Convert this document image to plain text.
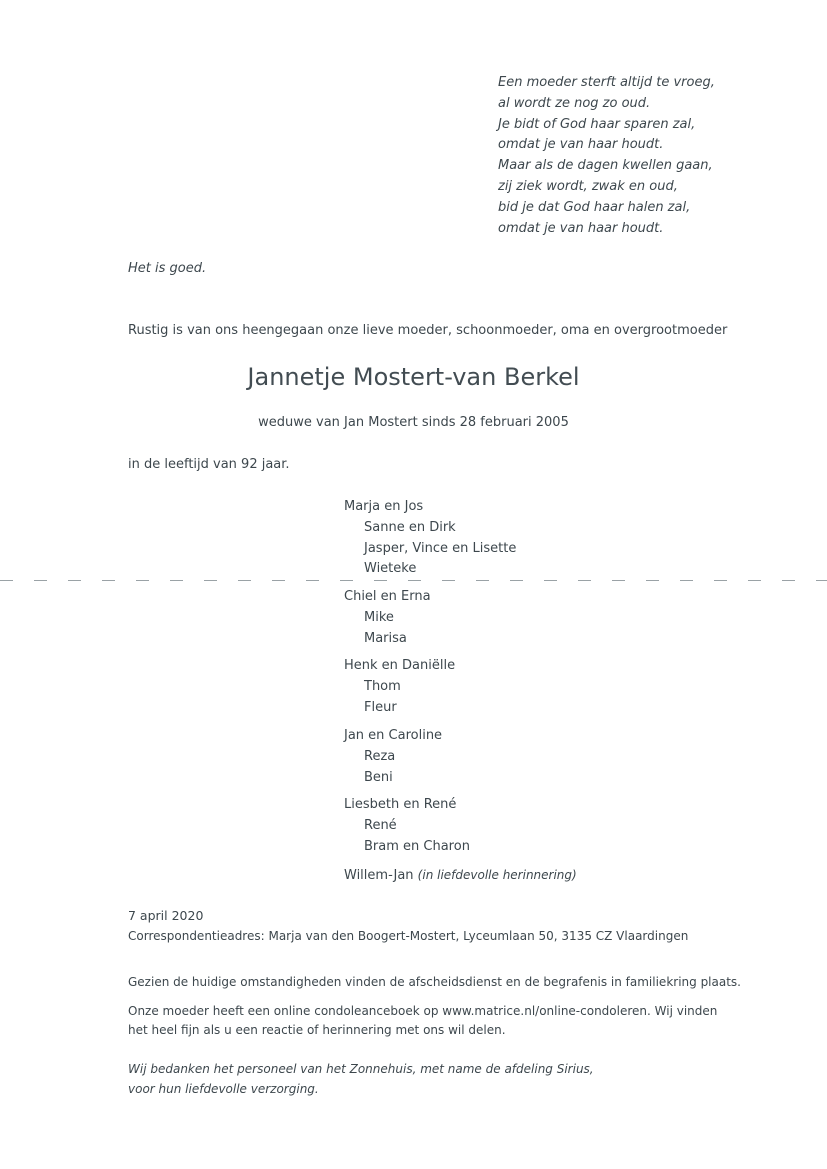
Een moeder sterft altijd te vroeg,
al wordt ze nog zo oud.
Je bidt of God haar sparen zal,
omdat je van haar houdt.
Maar als de dagen kwellen gaan,
zij ziek wordt, zwak en oud,
bid je dat God haar halen zal,
omdat je van haar houdt.
Het is goed.
Rustig is van ons heengegaan onze lieve moeder, schoonmoeder, oma en overgrootmoeder
Jannetje Mostert-van Berkel
weduwe van Jan Mostert sinds 28 februari 2005
in de leeftijd van 92 jaar.
Marja en Jos
Sanne en Dirk
Jasper, Vince en Lisette
Wieteke
Chiel en Erna
Mike
Marisa
Henk en Daniëlle
Thom
Fleur
Jan en Caroline
Reza
Beni
Liesbeth en René
René
Bram en Charon
Willem-Jan (in liefdevolle herinnering)
7 april 2020
Correspondentieadres: Marja van den Boogert-Mostert, Lyceumlaan 50, 3135 CZ Vlaardingen
Gezien de huidige omstandigheden vinden de afscheidsdienst en de begrafenis in familiekring plaats.
Onze moeder heeft een online condoleanceboek op www.matrice.nl/online-condoleren. Wij vinden
het heel fijn als u een reactie of herinnering met ons wil delen.
Wij bedanken het personeel van het Zonnehuis, met name de afdeling Sirius,
voor hun liefdevolle verzorging.
